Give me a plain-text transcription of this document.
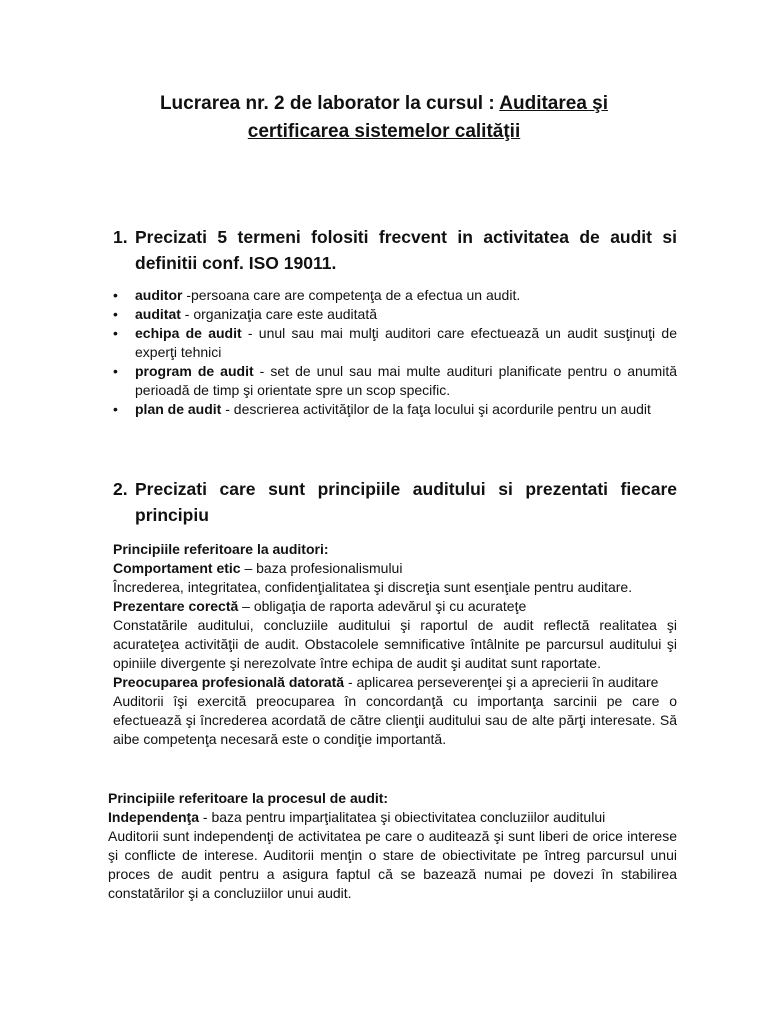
Lucrarea nr. 2 de laborator la cursul : Auditarea şi
certificarea sistemelor calităţii
1. Precizati 5 termeni folositi frecvent in activitatea de audit si
definitii conf. ISO 19011.
• auditor -persoana care are competenţa de a efectua un audit.
• auditat - organizaţia care este auditată
• echipa de audit - unul sau mai mulţi auditori care efectuează un audit susţinuţi de experţi tehnici
• program de audit - set de unul sau mai multe audituri planificate pentru o anumită perioadă de timp şi orientate spre un scop specific.
• plan de audit - descrierea activităţilor de la faţa locului şi acordurile pentru un audit
2. Precizati care sunt principiile auditului si prezentati fiecare
principiu

Principiile referitoare la auditori:

Comportament etic – baza profesionalismului

Încrederea, integritatea, confidenţialitatea şi discreţia sunt esenţiale pentru auditare.

Prezentare corectă – obligaţia de raporta adevărul şi cu acurateţe

Constatările auditului, concluziile auditului şi raportul de audit reflectă realitatea şi acurateţea activităţii de audit. Obstacolele semnificative întâlnite pe parcursul auditului şi opiniile divergente şi nerezolvate între echipa de audit şi auditat sunt raportate.

Preocuparea profesională datorată - aplicarea perseverenţei şi a aprecierii în auditare

Auditorii îşi exercită preocuparea în concordanţă cu importanţa sarcinii pe care o efectuează şi încrederea acordată de către clienţii auditului sau de alte părţi interesate. Să aibe competenţa necesară este o condiţie importantă.

Principiile referitoare la procesul de audit:

Independenţa - baza pentru imparţialitatea şi obiectivitatea concluziilor auditului

Auditorii sunt independenţi de activitatea pe care o auditează şi sunt liberi de orice interese şi conflicte de interese. Auditorii menţin o stare de obiectivitate pe întreg parcursul unui proces de audit pentru a asigura faptul că se bazează numai pe dovezi în stabilirea constatărilor şi a concluziilor unui audit.
